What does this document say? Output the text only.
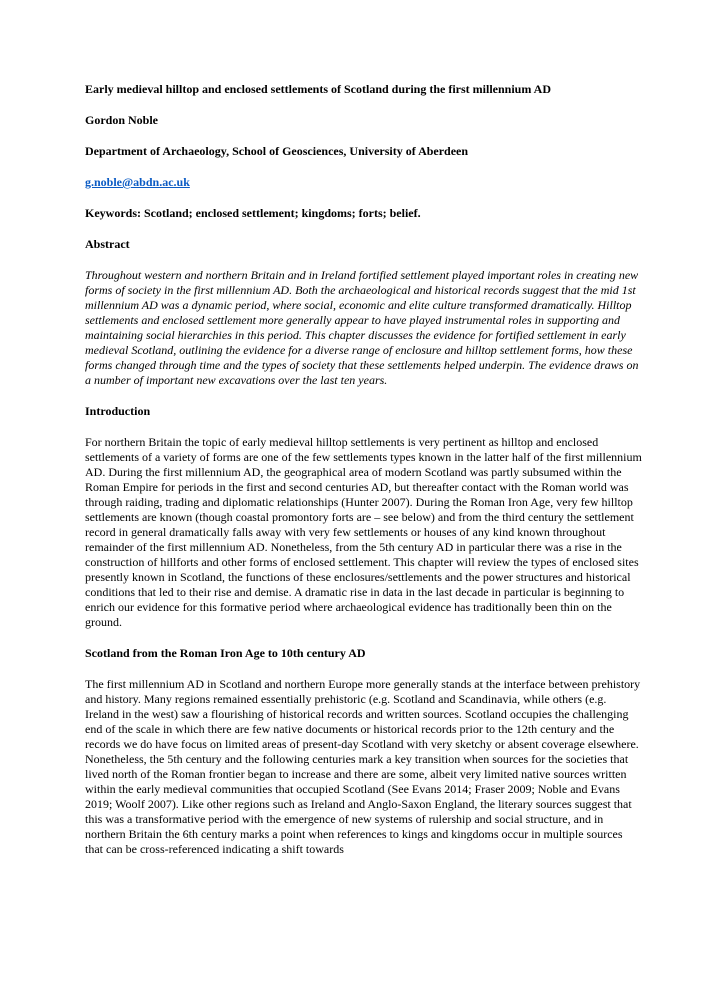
Early medieval hilltop and enclosed settlements of Scotland during the first millennium AD

Gordon Noble

Department of Archaeology, School of Geosciences, University of Aberdeen

g.noble@abdn.ac.uk

Keywords: Scotland; enclosed settlement; kingdoms; forts; belief.

Abstract

Throughout western and northern Britain and in Ireland fortified settlement played important roles in creating new forms of society in the first millennium AD. Both the archaeological and historical records suggest that the mid 1st millennium AD was a dynamic period, where social, economic and elite culture transformed dramatically. Hilltop settlements and enclosed settlement more generally appear to have played instrumental roles in supporting and maintaining social hierarchies in this period. This chapter discusses the evidence for fortified settlement in early medieval Scotland, outlining the evidence for a diverse range of enclosure and hilltop settlement forms, how these forms changed through time and the types of society that these settlements helped underpin. The evidence draws on a number of important new excavations over the last ten years.

Introduction

For northern Britain the topic of early medieval hilltop settlements is very pertinent as hilltop and enclosed settlements of a variety of forms are one of the few settlements types known in the latter half of the first millennium AD. During the first millennium AD, the geographical area of modern Scotland was partly subsumed within the Roman Empire for periods in the first and second centuries AD, but thereafter contact with the Roman world was through raiding, trading and diplomatic relationships (Hunter 2007). During the Roman Iron Age, very few hilltop settlements are known (though coastal promontory forts are – see below) and from the third century the settlement record in general dramatically falls away with very few settlements or houses of any kind known throughout remainder of the first millennium AD. Nonetheless, from the 5th century AD in particular there was a rise in the construction of hillforts and other forms of enclosed settlement. This chapter will review the types of enclosed sites presently known in Scotland, the functions of these enclosures/settlements and the power structures and historical conditions that led to their rise and demise. A dramatic rise in data in the last decade in particular is beginning to enrich our evidence for this formative period where archaeological evidence has traditionally been thin on the ground.

Scotland from the Roman Iron Age to 10th century AD

The first millennium AD in Scotland and northern Europe more generally stands at the interface between prehistory and history. Many regions remained essentially prehistoric (e.g. Scotland and Scandinavia, while others (e.g. Ireland in the west) saw a flourishing of historical records and written sources. Scotland occupies the challenging end of the scale in which there are few native documents or historical records prior to the 12th century and the records we do have focus on limited areas of present-day Scotland with very sketchy or absent coverage elsewhere. Nonetheless, the 5th century and the following centuries mark a key transition when sources for the societies that lived north of the Roman frontier began to increase and there are some, albeit very limited native sources written within the early medieval communities that occupied Scotland (See Evans 2014; Fraser 2009; Noble and Evans 2019; Woolf 2007). Like other regions such as Ireland and Anglo-Saxon England, the literary sources suggest that this was a transformative period with the emergence of new systems of rulership and social structure, and in northern Britain the 6th century marks a point when references to kings and kingdoms occur in multiple sources that can be cross-referenced indicating a shift towards
